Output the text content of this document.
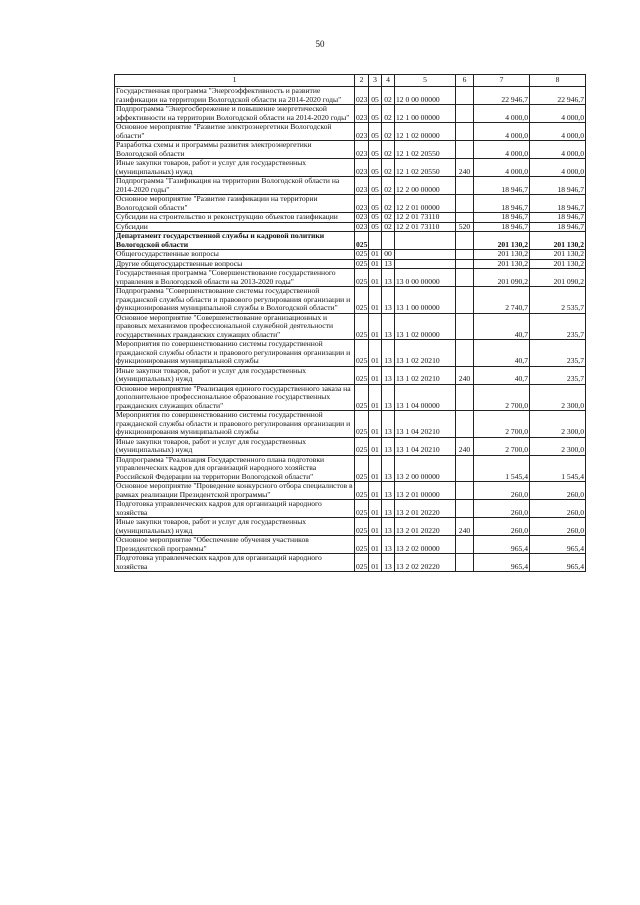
50
1	2	3	4	5	6	7	8
Государственная программа "Энергоэффективность и развитие газификации на территории Вологодской области на 2014-2020 годы"	023	05	02	12 0 00 00000		22 946,7	22 946,7
Подпрограмма "Энергосбережение и повышение энергетической эффективности на территории Вологодской области на 2014-2020 годы"	023	05	02	12 1 00 00000		4 000,0	4 000,0
Основное мероприятие "Развитие электроэнергетики Вологодской области"	023	05	02	12 1 02 00000		4 000,0	4 000,0
Разработка схемы и программы развития электроэнергетики Вологодской области	023	05	02	12 1 02 20550		4 000,0	4 000,0
Иные закупки товаров, работ и услуг для государственных (муниципальных) нужд	023	05	02	12 1 02 20550	240	4 000,0	4 000,0
Подпрограмма "Газификация на территории Вологодской области на 2014-2020 годы"	023	05	02	12 2 00 00000		18 946,7	18 946,7
Основное мероприятие "Развитие газификации на территории Вологодской области"	023	05	02	12 2 01 00000		18 946,7	18 946,7
Субсидии на строительство и реконструкцию объектов газификации	023	05	02	12 2 01 73110		18 946,7	18 946,7
Субсидии	023	05	02	12 2 01 73110	520	18 946,7	18 946,7
Департамент государственной службы и кадровой политики Вологодской области	025					201 130,2	201 130,2
Общегосударственные вопросы	025	01	00			201 130,2	201 130,2
Другие общегосударственные вопросы	025	01	13			201 130,2	201 130,2
Государственная программа "Совершенствование государственного управления в Вологодской области на 2013-2020 годы"	025	01	13	13 0 00 00000		201 090,2	201 090,2
Подпрограмма "Совершенствование системы государственной гражданской службы области и правового регулирования организации и функционирования муниципальной службы в Вологодской области"	025	01	13	13 1 00 00000		2 740,7	2 535,7
Основное мероприятие "Совершенствование организационных и правовых механизмов профессиональной служебной деятельности государственных гражданских служащих области"	025	01	13	13 1 02 00000		40,7	235,7
Мероприятия по совершенствованию системы государственной гражданской службы области и правового регулирования организации и функционирования муниципальной службы	025	01	13	13 1 02 20210		40,7	235,7
Иные закупки товаров, работ и услуг для государственных (муниципальных) нужд	025	01	13	13 1 02 20210	240	40,7	235,7
Основное мероприятие "Реализация единого государственного заказа на дополнительное профессиональное образование государственных гражданских служащих области"	025	01	13	13 1 04 00000		2 700,0	2 300,0
Мероприятия по совершенствованию системы государственной гражданской службы области и правового регулирования организации и функционирования муниципальной службы	025	01	13	13 1 04 20210		2 700,0	2 300,0
Иные закупки товаров, работ и услуг для государственных (муниципальных) нужд	025	01	13	13 1 04 20210	240	2 700,0	2 300,0
Подпрограмма "Реализация Государственного плана подготовки управленческих кадров для организаций народного хозяйства Российской Федерации на территории Вологодской области"	025	01	13	13 2 00 00000		1 545,4	1 545,4
Основное мероприятие "Проведение конкурсного отбора специалистов в рамках реализации Президентской программы"	025	01	13	13 2 01 00000		260,0	260,0
Подготовка управленческих кадров для организаций народного хозяйства	025	01	13	13 2 01 20220		260,0	260,0
Иные закупки товаров, работ и услуг для государственных (муниципальных) нужд	025	01	13	13 2 01 20220	240	260,0	260,0
Основное мероприятие "Обеспечение обучения участников Президентской программы"	025	01	13	13 2 02 00000		965,4	965,4
Подготовка управленческих кадров для организаций народного хозяйства	025	01	13	13 2 02 20220		965,4	965,4
